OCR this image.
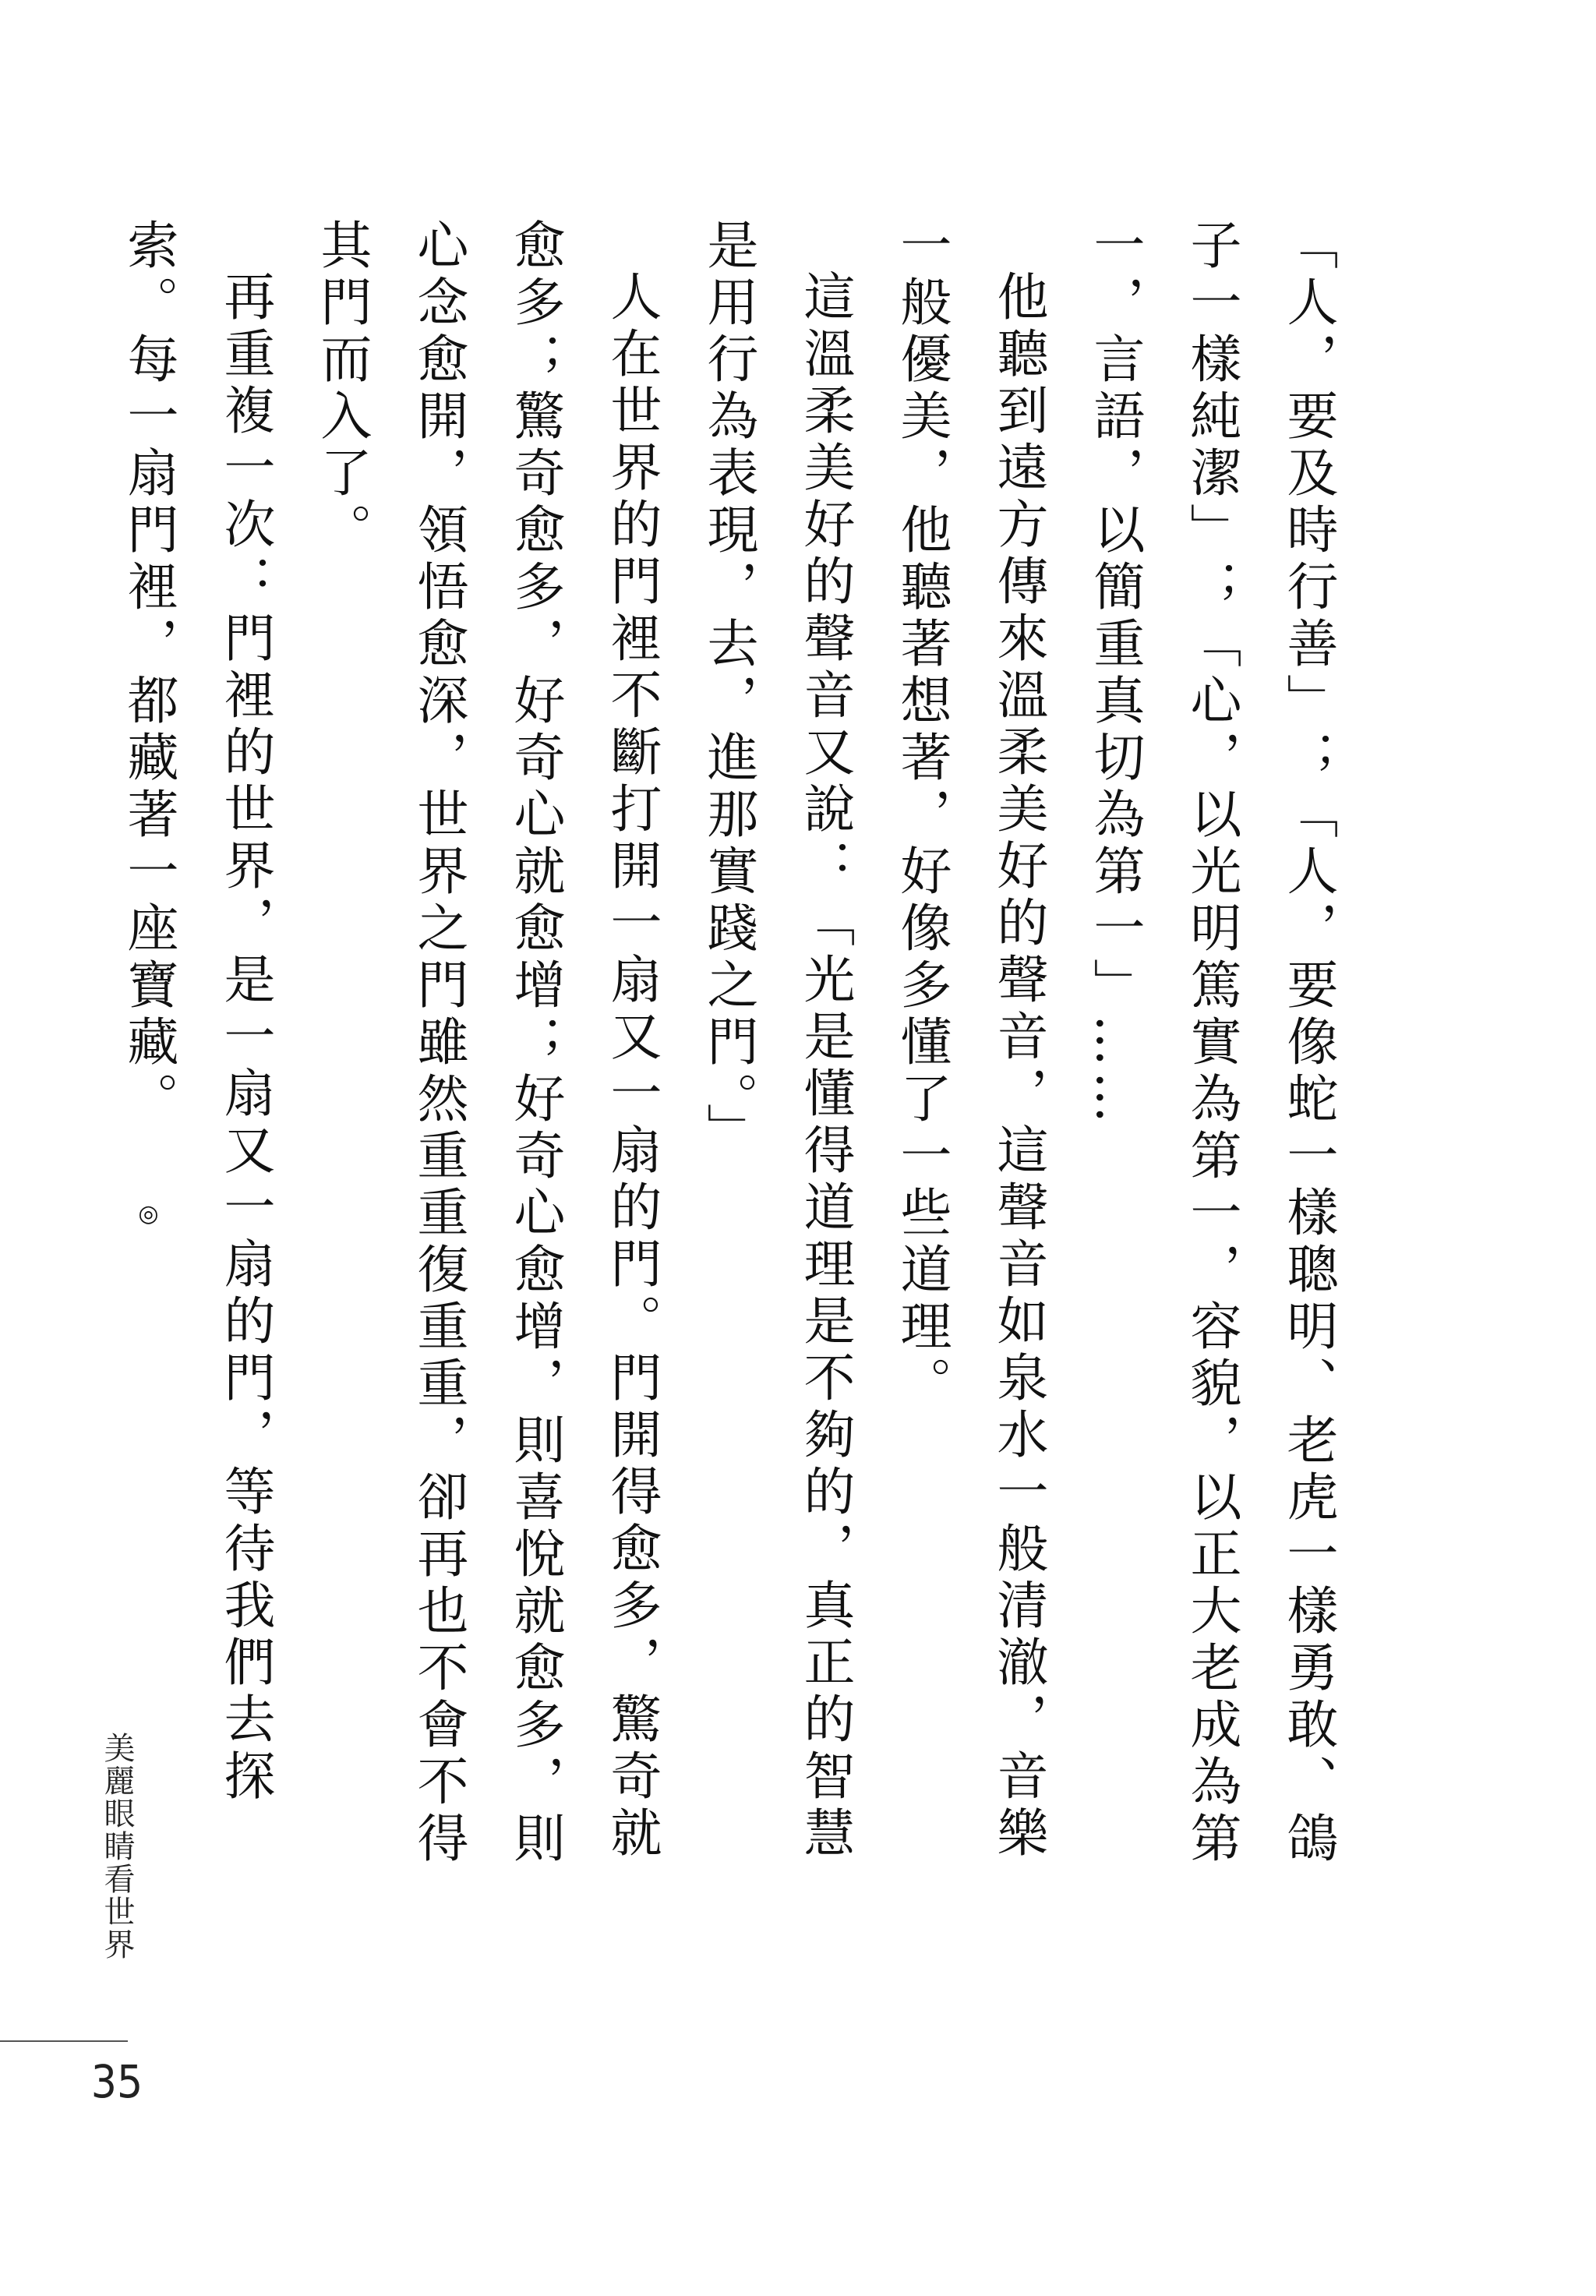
「人，要及時行善」；「人，要像蛇一樣聰明、老虎一樣勇敢、鴿子一樣純潔」；「心，以光明篤實為第一，容貌，以正大老成為第一，言語，以簡重真切為第一」……

他聽到遠方傳來溫柔美好的聲音，這聲音如泉水一般清澈，音樂一般優美，他聽著想著，好像多懂了一些道理。

這溫柔美好的聲音又說：「光是懂得道理是不夠的，真正的智慧是用行為表現，去，進那實踐之門。」

人在世界的門裡不斷打開一扇又一扇的門。門開得愈多，驚奇就愈多；驚奇愈多，好奇心就愈增；好奇心愈增，則喜悅就愈多，則心念愈開，領悟愈深，世界之門雖然重重復重重，卻再也不會不得其門而入了。

再重複一次：門裡的世界，是一扇又一扇的門，等待我們去探索。每一扇門裡，都藏著一座寶藏。◎

美麗眼睛看世界
35
